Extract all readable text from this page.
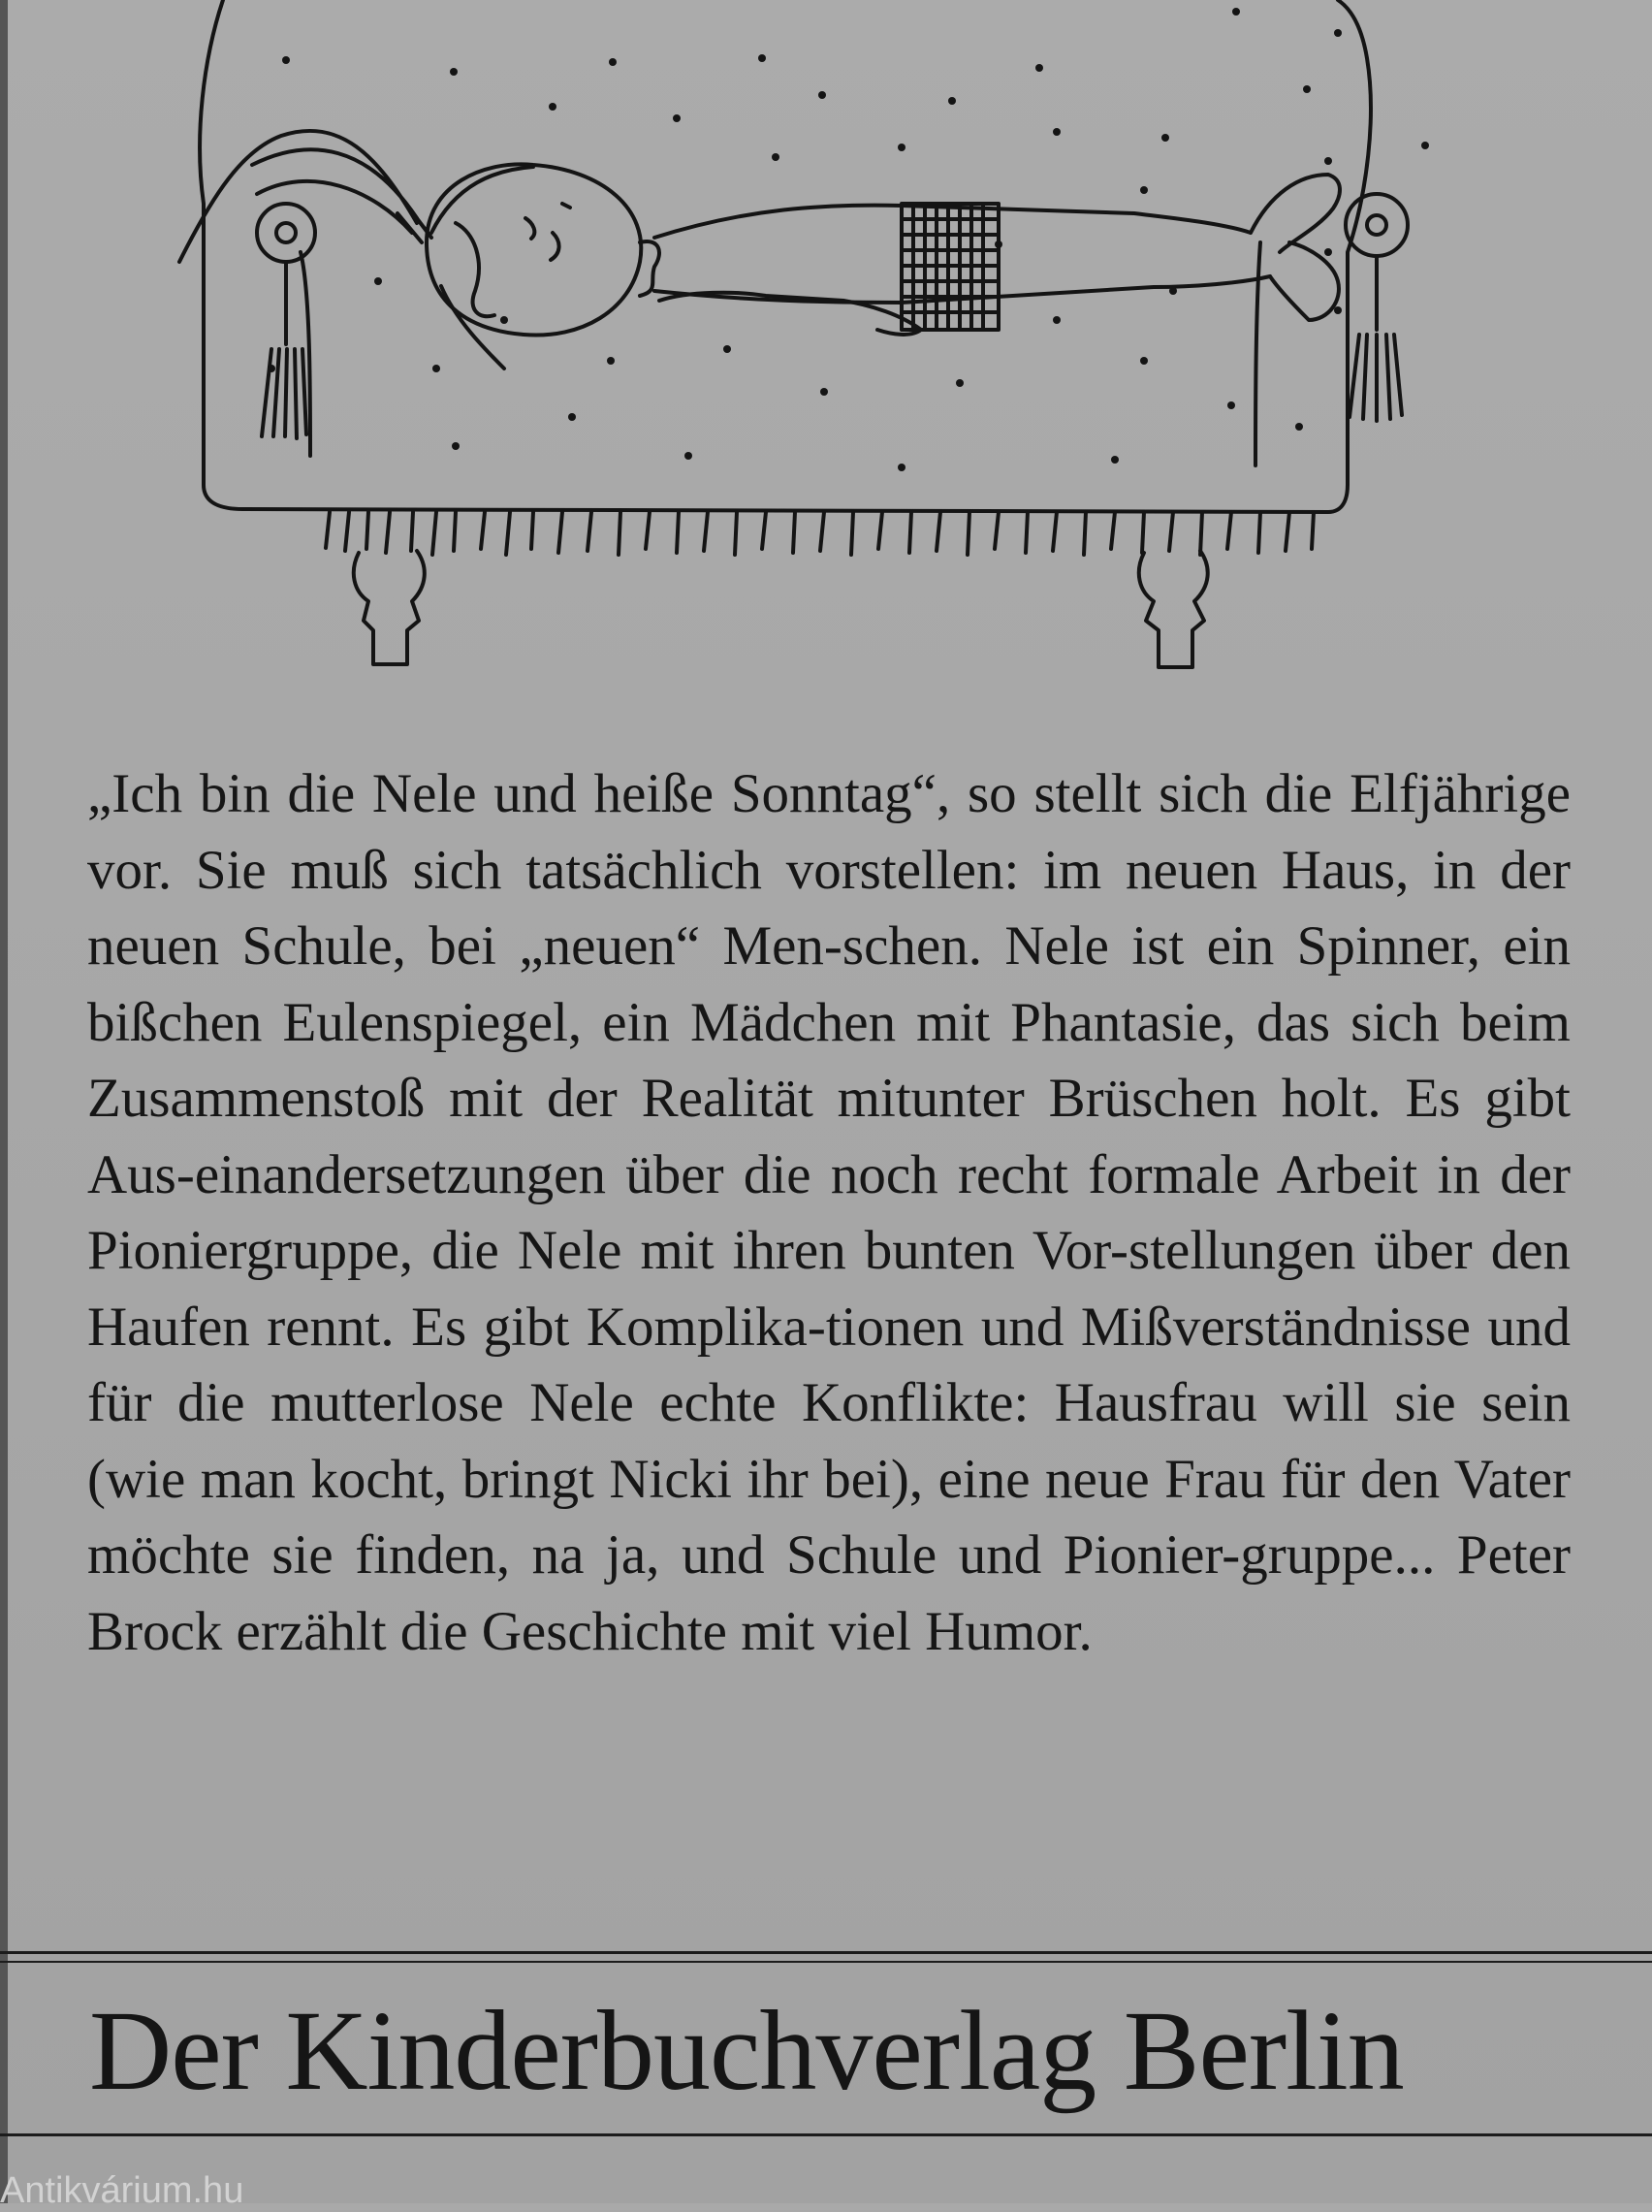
„Ich bin die Nele und heiße Sonntag“, so stellt sich die Elfjährige vor. Sie muß sich tatsächlich vorstellen: im neuen Haus, in der neuen Schule, bei „neuen“ Men-schen. Nele ist ein Spinner, ein bißchen Eulenspiegel, ein Mädchen mit Phantasie, das sich beim Zusammenstoß mit der Realität mitunter Brüschen holt. Es gibt Aus-einandersetzungen über die noch recht formale Arbeit in der Pioniergruppe, die Nele mit ihren bunten Vor-stellungen über den Haufen rennt. Es gibt Komplika-tionen und Mißverständnisse und für die mutterlose Nele echte Konflikte: Hausfrau will sie sein (wie man kocht, bringt Nicki ihr bei), eine neue Frau für den Vater möchte sie finden, na ja, und Schule und Pionier-gruppe... Peter Brock erzählt die Geschichte mit viel Humor.

Der Kinderbuchverlag Berlin
Antikvárium.hu
